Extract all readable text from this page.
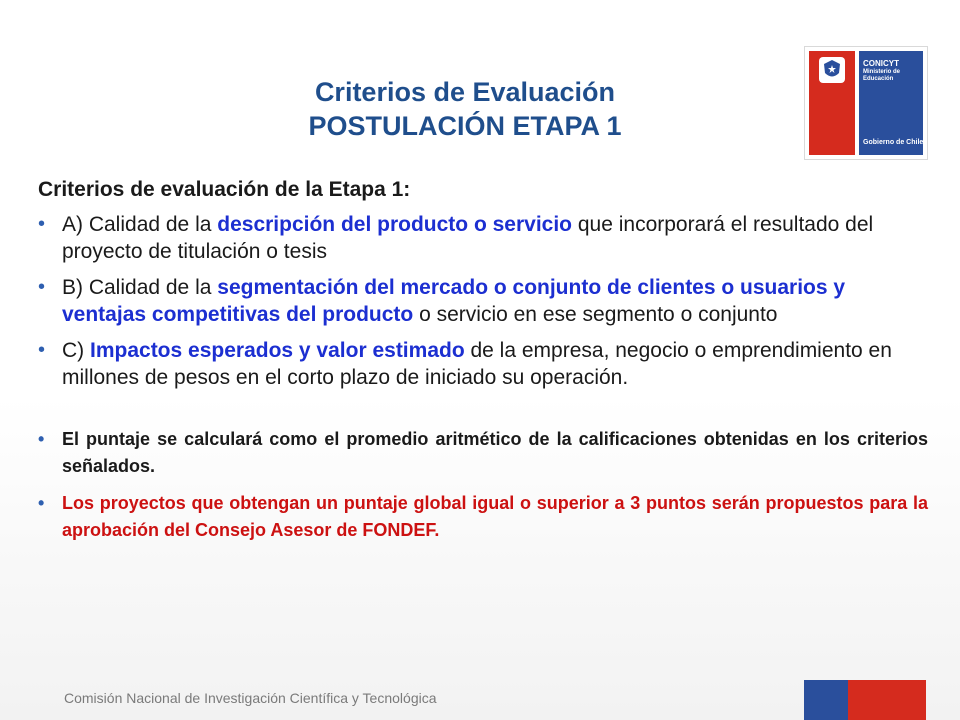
Criterios de Evaluación
POSTULACIÓN ETAPA 1
CONICYT
Ministerio de Educación
Gobierno de Chile
Criterios de evaluación de la Etapa 1:
• A) Calidad de la descripción del producto o servicio que incorporará el resultado del proyecto de titulación o tesis
• B) Calidad de la segmentación del mercado o conjunto de clientes o usuarios y ventajas competitivas del producto o servicio en ese segmento o conjunto
• C) Impactos esperados y valor estimado de la empresa, negocio o emprendimiento en millones de pesos en el corto plazo de iniciado su operación.
• El puntaje se calculará como el promedio aritmético de la calificaciones obtenidas en los criterios señalados.
• Los proyectos que obtengan un puntaje global igual o superior a 3 puntos serán propuestos para la aprobación del Consejo Asesor de FONDEF.
Comisión Nacional de Investigación Científica y Tecnológica
